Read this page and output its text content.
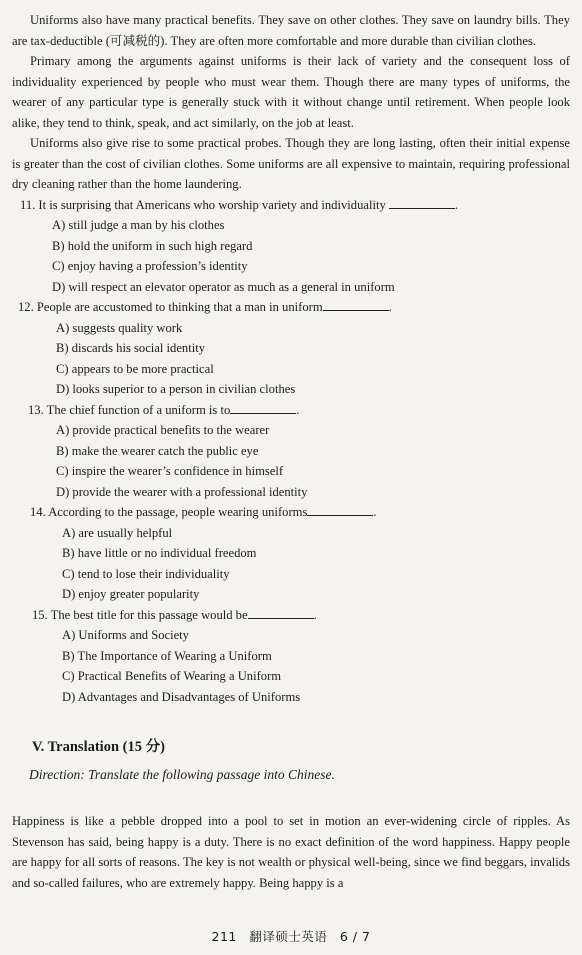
Uniforms also have many practical benefits. They save on other clothes. They save on laundry bills. They are tax-deductible (可减税的). They are often more comfortable and more durable than civilian clothes.

Primary among the arguments against uniforms is their lack of variety and the consequent loss of individuality experienced by people who must wear them. Though there are many types of uniforms, the wearer of any particular type is generally stuck with it without change until retirement. When people look alike, they tend to think, speak, and act similarly, on the job at least.

Uniforms also give rise to some practical probes. Though they are long lasting, often their initial expense is greater than the cost of civilian clothes. Some uniforms are all expensive to maintain, requiring professional dry cleaning rather than the home laundering.

11. It is surprising that Americans who worship variety and individuality	.

A) still judge a man by his clothes

B) hold the uniform in such high regard

C) enjoy having a profession’s identity

D) will respect an elevator operator as much as a general in uniform

12. People are accustomed to thinking that a man in uniform	.

A) suggests quality work

B) discards his social identity

C) appears to be more practical

D) looks superior to a person in civilian clothes

13. The chief function of a uniform is to	.

A) provide practical benefits to the wearer

B) make the wearer catch the public eye

C) inspire the wearer’s confidence in himself

D) provide the wearer with a professional identity

14. According to the passage, people wearing uniforms	.

A) are usually helpful

B) have little or no individual freedom

C) tend to lose their individuality

D) enjoy greater popularity

15. The best title for this passage would be	.

A) Uniforms and Society

B) The Importance of Wearing a Uniform

C) Practical Benefits of Wearing a Uniform

D) Advantages and Disadvantages of Uniforms

V. Translation (15 分)
Direction: Translate the following passage into Chinese.

Happiness is like a pebble dropped into a pool to set in motion an ever-widening circle of ripples. As Stevenson has said, being happy is a duty. There is no exact definition of the word happiness. Happy people are happy for all sorts of reasons. The key is not wealth or physical well-being, since we find beggars, invalids and so-called failures, who are extremely happy. Being happy is a

211 翻译硕士英语 6 / 7
